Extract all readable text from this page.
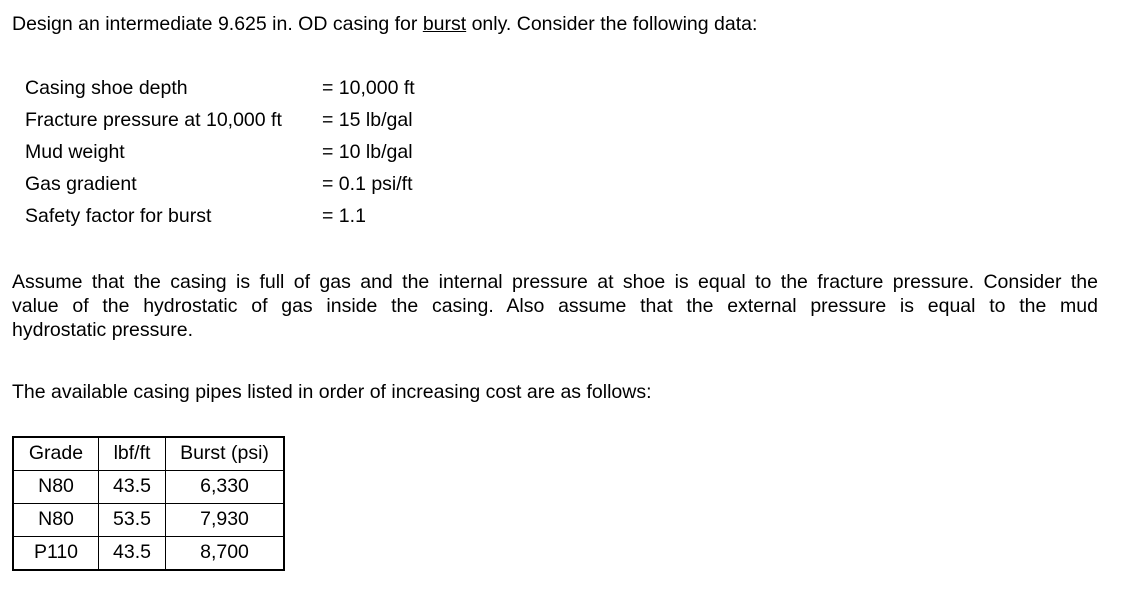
Design an intermediate 9.625 in. OD casing for burst only. Consider the following data:
Casing shoe depth	= 10,000 ft
Fracture pressure at 10,000 ft = 15 lb/gal
Mud weight	= 10 lb/gal
Gas gradient	= 0.1 psi/ft
Safety factor for burst	= 1.1
Assume that the casing is full of gas and the internal pressure at shoe is equal to the fracture pressure. Consider the
value of the hydrostatic of gas inside the casing. Also assume that the external pressure is equal to the mud
hydrostatic pressure.
The available casing pipes listed in order of increasing cost are as follows:
Grade	lbf/ft	Burst (psi)
N80	43.5	6,330
N80	53.5	7,930
P110	43.5	8,700
